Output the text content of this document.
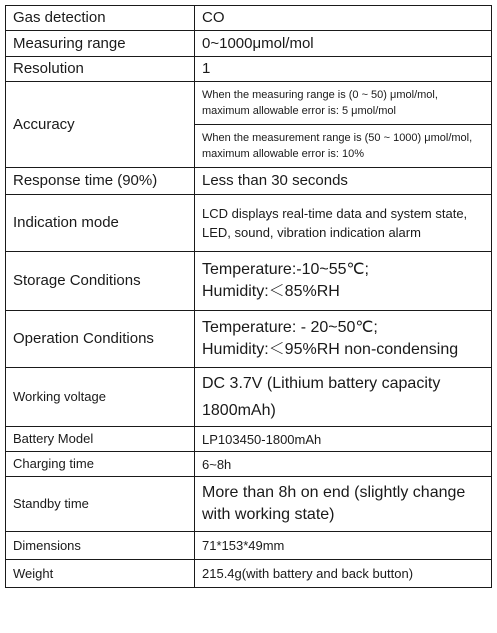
Gas detection	CO
Measuring range	0~1000μmol/mol
Resolution	1
Accuracy	When the measuring range is (0 ~ 50) μmol/mol,
maximum allowable error is: 5 μmol/mol

	When the measurement range is (50 ~ 1000) μmol/mol,
maximum allowable error is: 10%

Response time (90%)	Less than 30 seconds
Indication mode	LCD displays real-time data and system state,
LED, sound, vibration indication alarm

Storage Conditions	Temperature:-10~55℃;
Humidity:＜85%RH

Operation Conditions	Temperature: - 20~50℃;
Humidity:＜95%RH non-condensing

Working voltage	DC 3.7V (Lithium battery capacity
1800mAh)

Battery Model	LP103450-1800mAh
Charging time	6~8h
Standby time	More than 8h on end (slightly change
with working state)

Dimensions	71*153*49mm
Weight	215.4g(with battery and back button)
